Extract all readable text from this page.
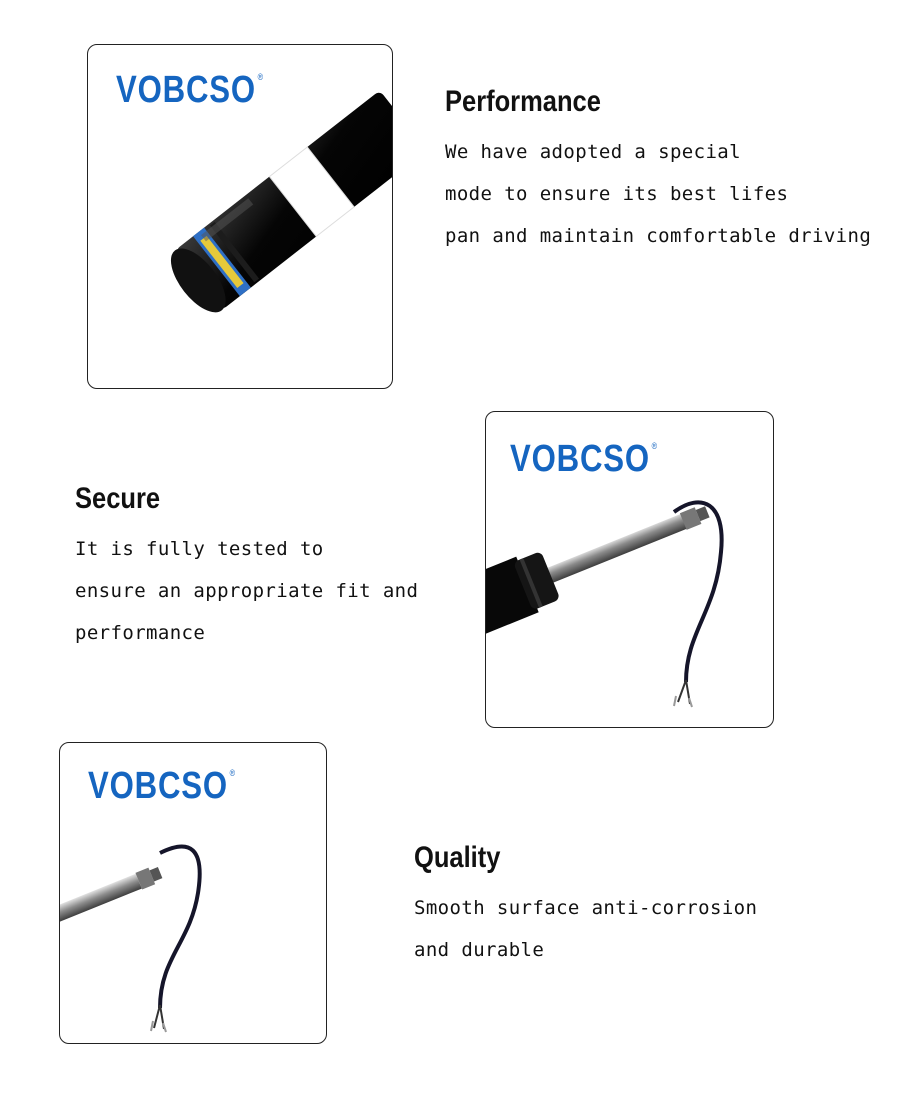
VOBCSO ®
Performance

We have adopted a special

mode to ensure its best lifes

pan and maintain comfortable driving

Secure

It is fully tested to

ensure an appropriate fit and

performance

VOBCSO ®
VOBCSO ®
Quality

Smooth surface anti-corrosion

and durable
